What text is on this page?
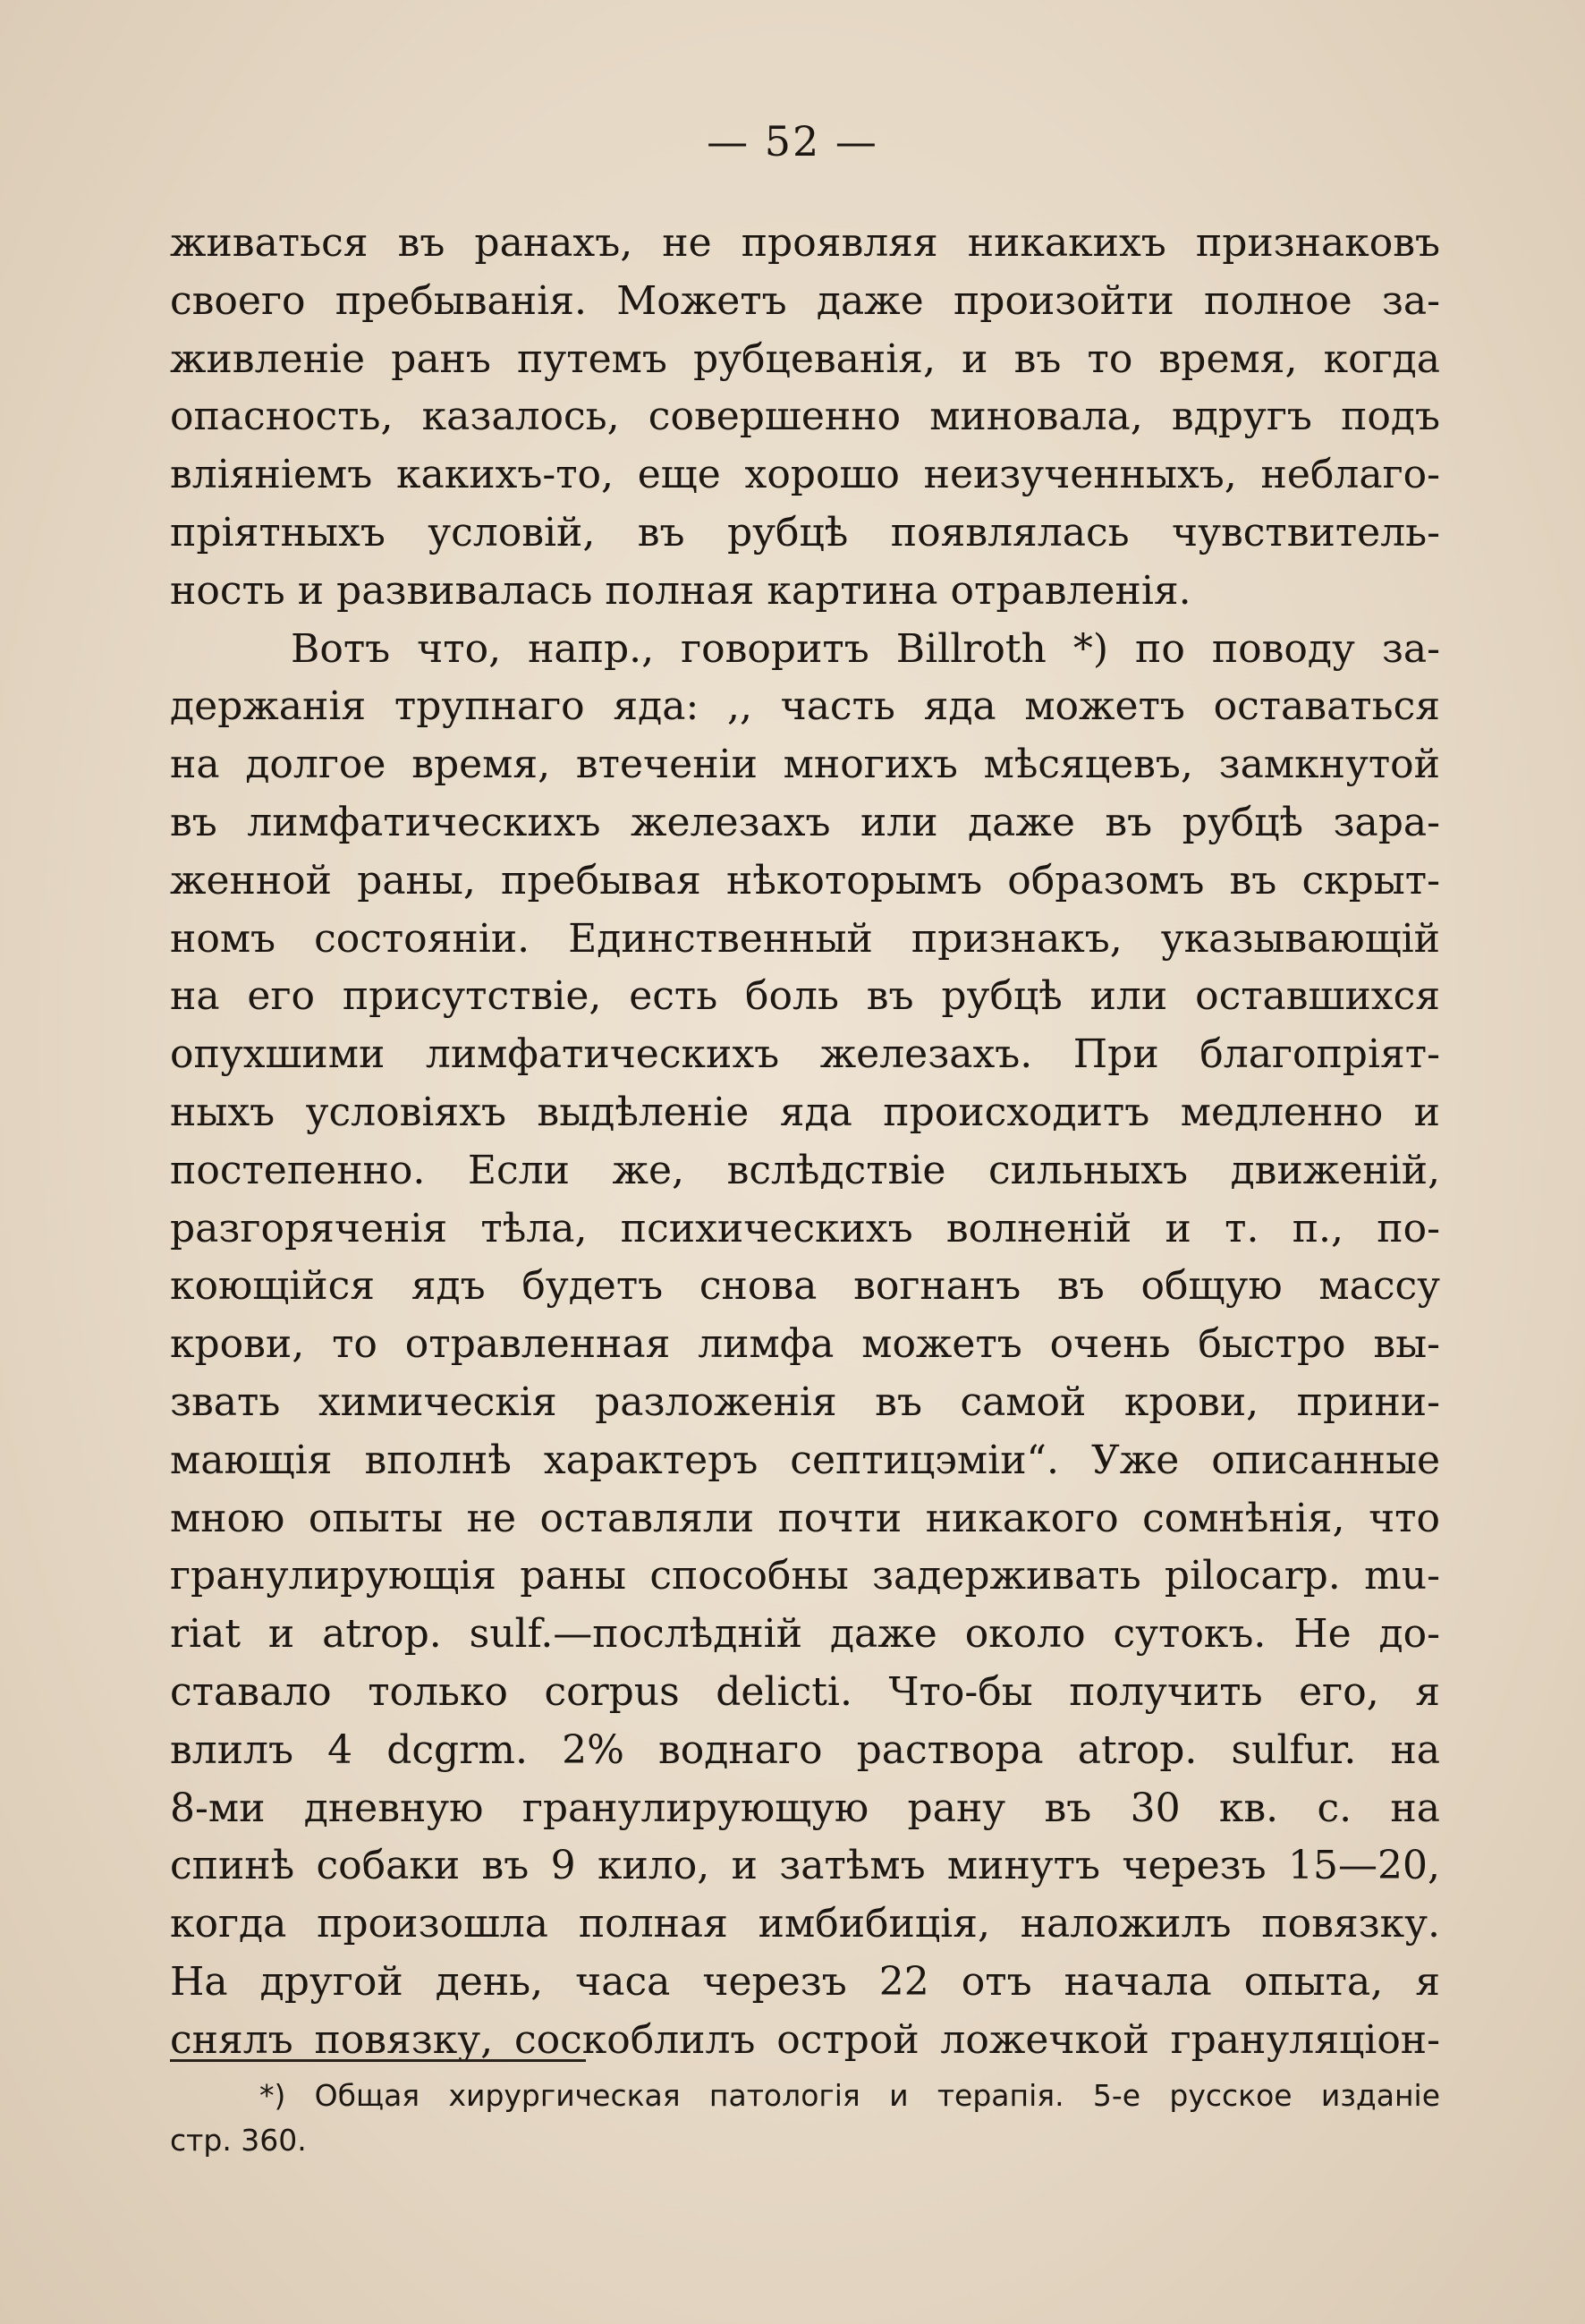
— 52 —
живаться въ ранахъ, не проявляя никакихъ признаковъ
своего пребыванія. Можетъ даже произойти полное за-
живленіе ранъ путемъ рубцеванія, и въ то время, когда
опасность, казалось, совершенно миновала, вдругъ подъ
вліяніемъ какихъ-то, еще хорошо неизученныхъ, неблаго-
пріятныхъ условій, въ рубцѣ появлялась чувствитель-
ность и развивалась полная картина отравленія.
Вотъ что, напр., говоритъ Billroth *) по поводу за-
держанія трупнаго яда: ,, часть яда можетъ оставаться
на долгое время, втеченіи многихъ мѣсяцевъ, замкнутой
въ лимфатическихъ железахъ или даже въ рубцѣ зара-
женной раны, пребывая нѣкоторымъ образомъ въ скрыт-
номъ состояніи. Единственный признакъ, указывающій
на его присутствіе, есть боль въ рубцѣ или оставшихся
опухшими лимфатическихъ железахъ. При благопріят-
ныхъ условіяхъ выдѣленіе яда происходитъ медленно и
постепенно. Если же, вслѣдствіе сильныхъ движеній,
разгоряченія тѣла, психическихъ волненій и т. п., по-
коющійся ядъ будетъ снова вогнанъ въ общую массу
крови, то отравленная лимфа можетъ очень быстро вы-
звать химическія разложенія въ самой крови, прини-
мающія вполнѣ характеръ септицэміи“. Уже описанные
мною опыты не оставляли почти никакого сомнѣнія, что
гранулирующія раны способны задерживать pilocarp. mu-
riat и atrop. sulf.—послѣдній даже около сутокъ. Не до-
ставало только corpus delicti. Что-бы получить его, я
влилъ 4 dcgrm. 2% воднаго раствора atrop. sulfur. на
8-ми дневную гранулирующую рану въ 30 кв. с. на
спинѣ собаки въ 9 кило, и затѣмъ минутъ черезъ 15—20,
когда произошла полная имбибиція, наложилъ повязку.
На другой день, часа черезъ 22 отъ начала опыта, я
снялъ повязку, соскоблилъ острой ложечкой грануляціон-
*) Общая хирургическая патологія и терапія. 5-е русское изданіе
стр. 360.
